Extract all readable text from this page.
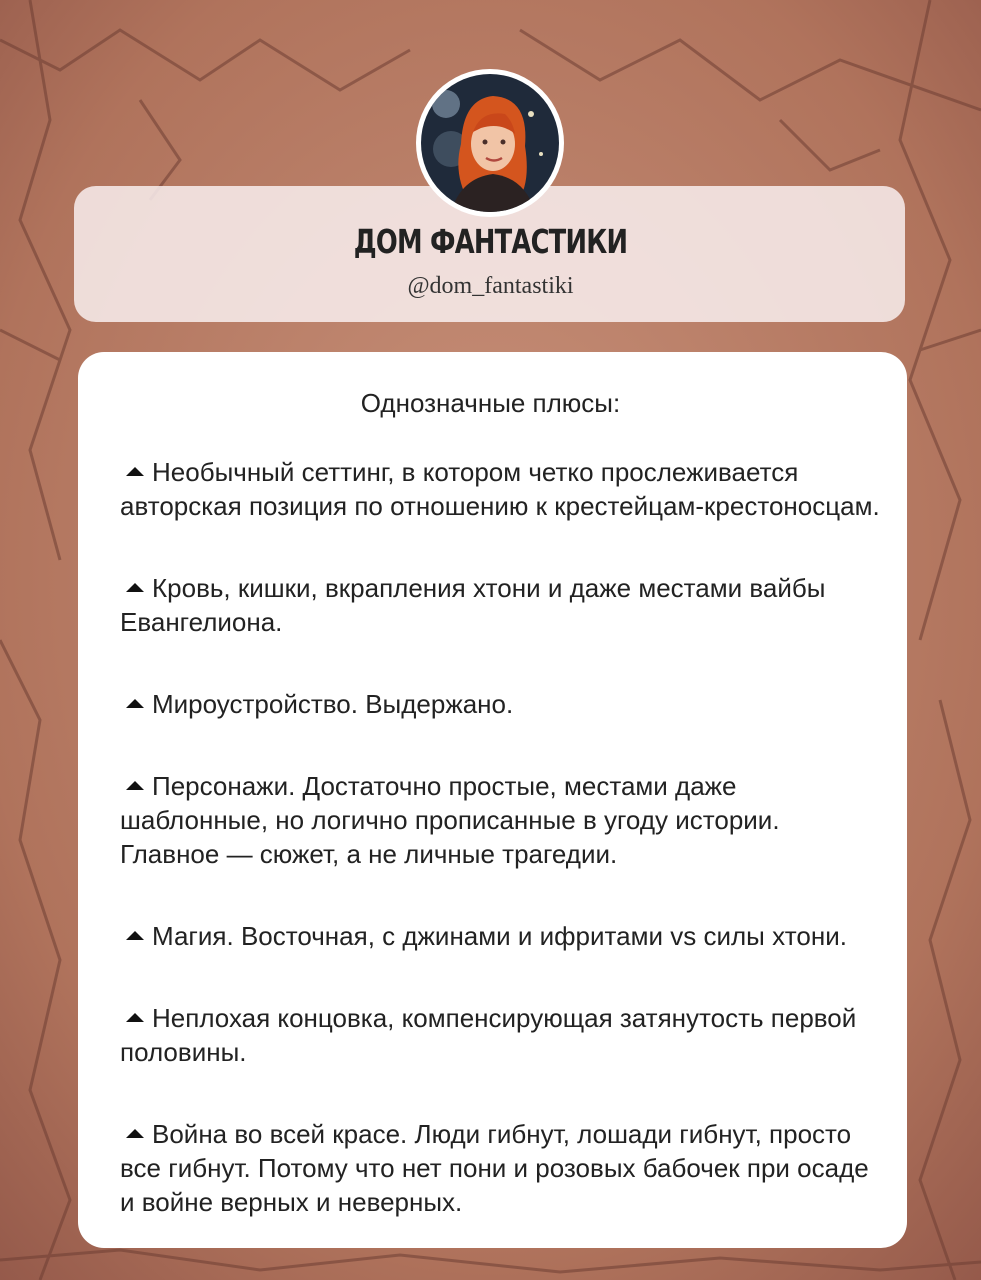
ДОМ ФАНТАСТИКИ
@dom_fantastiki
Однозначные плюсы:
Необычный сеттинг, в котором четко прослеживается авторская позиция по отношению к крестейцам-крестоносцам.
Кровь, кишки, вкрапления хтони и даже местами вайбы Евангелиона.
Мироустройство. Выдержано.
Персонажи. Достаточно простые, местами даже шаблонные, но логично прописанные в угоду истории. Главное — сюжет, а не личные трагедии.
Магия. Восточная, с джинами и ифритами vs силы хтони.
Неплохая концовка, компенсирующая затянутость первой половины.
Война во всей красе. Люди гибнут, лошади гибнут, просто все гибнут. Потому что нет пони и розовых бабочек при осаде и войне верных и неверных.
